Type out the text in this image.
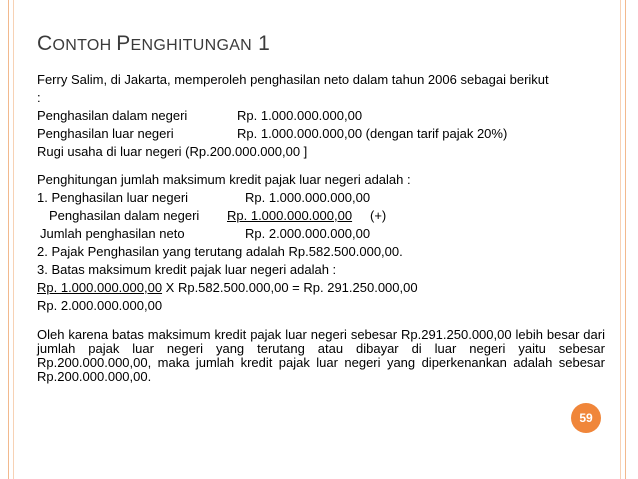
CONTOH PENGHITUNGAN 1
Ferry Salim, di Jakarta, memperoleh penghasilan neto dalam tahun 2006 sebagai berikut
:
Penghasilan dalam negeri	Rp. 1.000.000.000,00
Penghasilan luar negeri	Rp. 1.000.000.000,00 (dengan tarif pajak 20%)
Rugi usaha di luar negeri (Rp.200.000.000,00 ]
Penghitungan jumlah maksimum kredit pajak luar negeri adalah :
1. Penghasilan luar negeri	Rp. 1.000.000.000,00
Penghasilan dalam negeri Rp. 1.000.000.000,00 (+)
Jumlah penghasilan neto	Rp. 2.000.000.000,00
2. Pajak Penghasilan yang terutang adalah Rp.582.500.000,00.
3. Batas maksimum kredit pajak luar negeri adalah :
Rp. 1.000.000.000,00 X Rp.582.500.000,00 = Rp. 291.250.000,00
Rp. 2.000.000.000,00
Oleh karena batas maksimum kredit pajak luar negeri sebesar Rp.291.250.000,00 lebih besar dari jumlah pajak luar negeri yang terutang atau dibayar di luar negeri yaitu sebesar Rp.200.000.000,00, maka jumlah kredit pajak luar negeri yang diperkenankan adalah sebesar Rp.200.000.000,00.
59
